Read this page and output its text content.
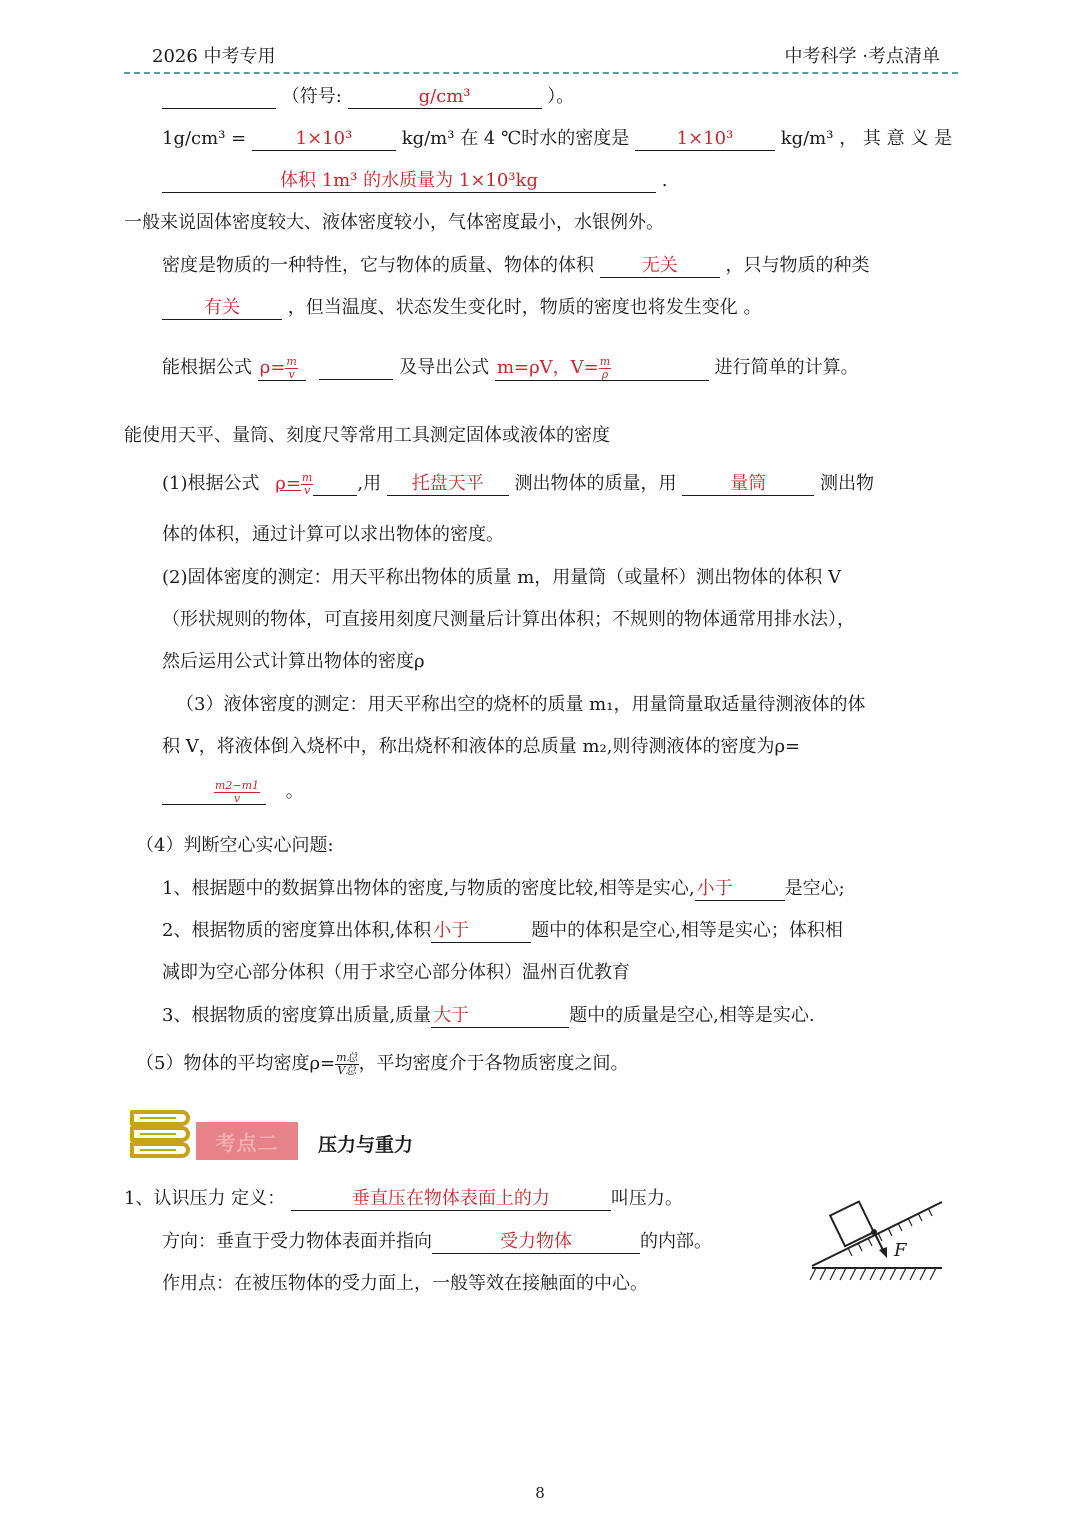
2026 中考专用	中考科学 ·考点清单
（符号:	g/cm³	）。
1g/cm³ =	1×10³	kg/m³ 在 4 ℃时水的密度是	1×10³	kg/m³ ， 其 意 义 是
体积 1m³ 的水质量为 1×10³kg	.
一般来说固体密度较大、液体密度较小，气体密度最小，水银例外。
密度是物质的一种特性，它与物体的质量、物体的体积	无关	，只与物质的种类
有关	，但当温度、状态发生变化时，物质的密度也将发生变化 。
能根据公式 $\rho= \frac{m}{v}$	及导出公式 m=ρV，$V= \frac{m}{\rho}$	进行简单的计算。
能使用天平、量筒、刻度尺等常用工具测定固体或液体的密度
(1)根据公式 $\rho= \frac{m}{v}$ ,用 托盘天平 测出物体的质量，用	量筒	测出物
体的体积，通过计算可以求出物体的密度。
(2)固体密度的测定：用天平称出物体的质量 m，用量筒（或量杯）测出物体的体积 V
（形状规则的物体，可直接用刻度尺测量后计算出体积；不规则的物体通常用排水法），
然后运用公式计算出物体的密度ρ
（3）液体密度的测定：用天平称出空的烧杯的质量 m₁，用量筒量取适量待测液体的体
积 V，将液体倒入烧杯中，称出烧杯和液体的总质量 m₂,则待测液体的密度为ρ=
$\frac{m2-m1}{v}$ 。
（4）判断空心实心问题:
1、根据题中的数据算出物体的密度,与物质的密度比较,相等是实心, 小于	是空心;
2、根据物质的密度算出体积,体积 小于	题中的体积是空心,相等是实心；体积相
减即为空心部分体积（用于求空心部分体积）温州百优教育
3、根据物质的密度算出质量,质量 大于	题中的质量是空心,相等是实心.
（5）物体的平均密度$\rho= \frac{\text{m总}}{\text{V总}}$ ，平均密度介于各物质密度之间。
考点二	压力与重力
1、认识压力 定义：	垂直压在物体表面上的力	叫压力。
方向：垂直于受力物体表面并指向	受力物体	的内部。
作用点：在被压物体的受力面上，一般等效在接触面的中心。
F
8
